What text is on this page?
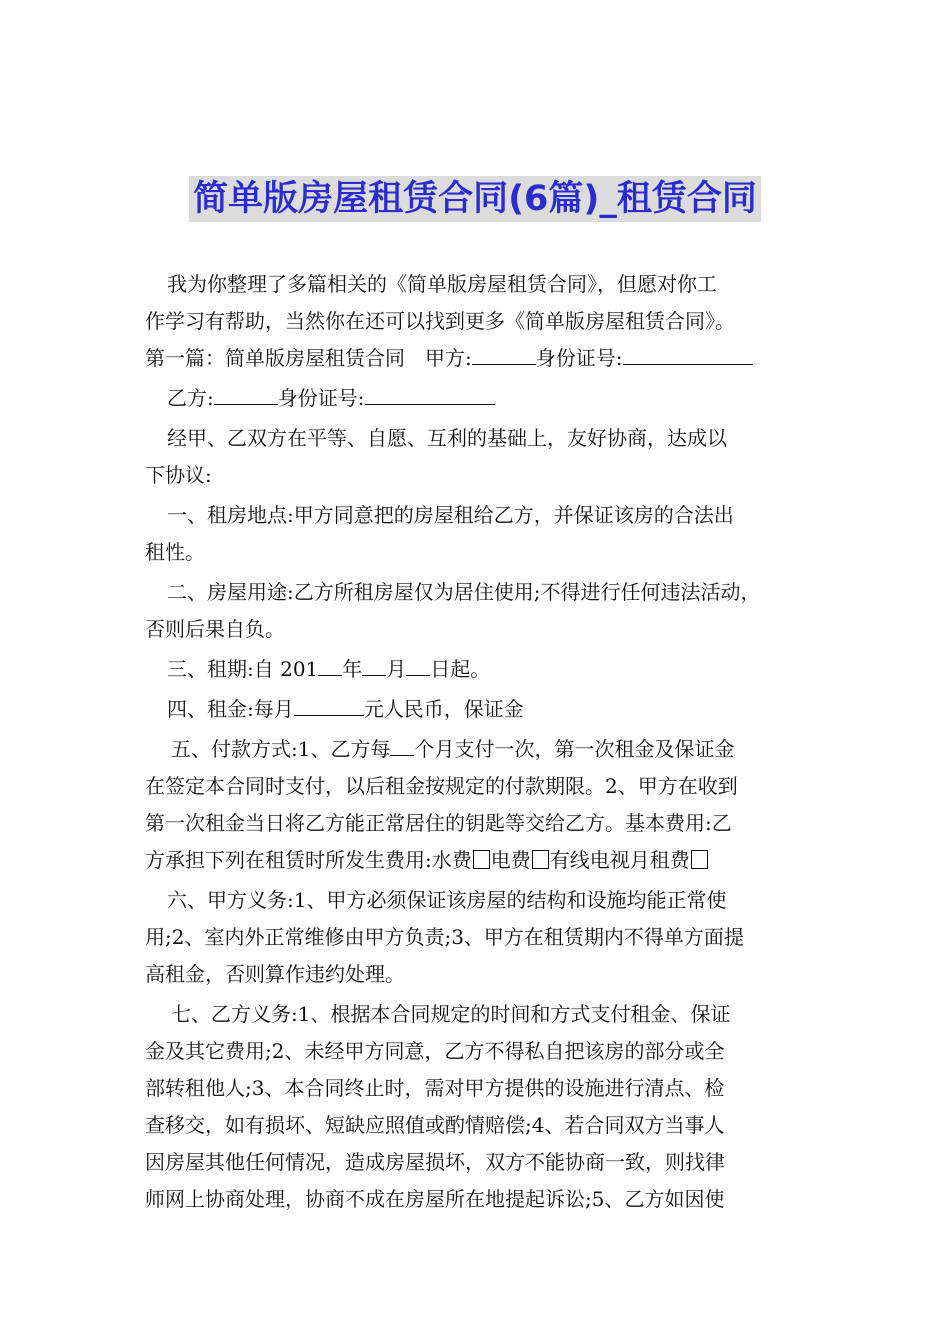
简单版房屋租赁合同(6篇)_租赁合同
我为你整理了多篇相关的《简单版房屋租赁合同》，但愿对你工
作学习有帮助，当然你在还可以找到更多《简单版房屋租赁合同》。
第一篇：简单版房屋租赁合同　甲方:	身份证号:
乙方:	身份证号:
经甲、乙双方在平等、自愿、互利的基础上，友好协商，达成以
下协议:
一、租房地点:甲方同意把的房屋租给乙方，并保证该房的合法出
租性。
二、房屋用途:乙方所租房屋仅为居住使用;不得进行任何违法活动，
否则后果自负。
三、租期:自 201 年 月 日起。
四、租金:每月	元人民币，保证金
五、付款方式:1、乙方每 个月支付一次，第一次租金及保证金
在签定本合同时支付，以后租金按规定的付款期限。2、甲方在收到
第一次租金当日将乙方能正常居住的钥匙等交给乙方。基本费用:乙
方承担下列在租赁时所发生费用:水费 电费 有线电视月租费
六、甲方义务:1、甲方必须保证该房屋的结构和设施均能正常使
用;2、室内外正常维修由甲方负责;3、甲方在租赁期内不得单方面提
高租金，否则算作违约处理。
七、乙方义务:1、根据本合同规定的时间和方式支付租金、保证
金及其它费用;2、未经甲方同意，乙方不得私自把该房的部分或全
部转租他人;3、本合同终止时，需对甲方提供的设施进行清点、检
查移交，如有损坏、短缺应照值或酌情赔偿;4、若合同双方当事人
因房屋其他任何情况，造成房屋损坏，双方不能协商一致，则找律
师网上协商处理，协商不成在房屋所在地提起诉讼;5、乙方如因使
